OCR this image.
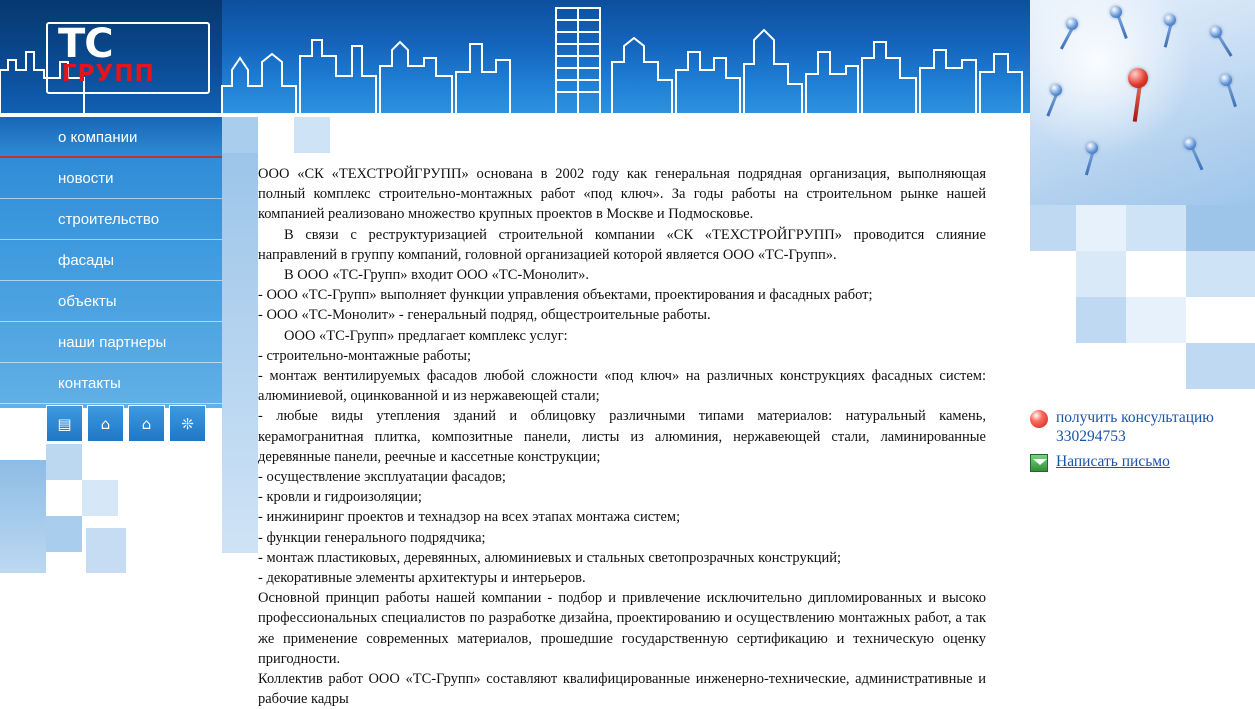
ТС
ГРУПП
о компании
новости
строительство
фасады
объекты
наши партнеры
контакты
▤	⌂	⌂	❊

ООО «СК «ТЕХСТРОЙГРУПП» основана в 2002 году как генеральная подрядная организация, выполняющая полный комплекс строительно-монтажных работ «под ключ». За годы работы на строительном рынке нашей компанией реализовано множество крупных проектов в Москве и Подмосковье.

В связи с реструктуризацией строительной компании «СК «ТЕХСТРОЙГРУПП» проводится слияние направлений в группу компаний, головной организацией которой является ООО «ТС-Групп».

В ООО «ТС-Групп» входит ООО «ТС-Монолит».

- ООО «ТС-Групп» выполняет функции управления объектами, проектирования и фасадных работ;

- ООО «ТС-Монолит» - генеральный подряд, общестроительные работы.

ООО «ТС-Групп» предлагает комплекс услуг:

- строительно-монтажные работы;

- монтаж вентилируемых фасадов любой сложности «под ключ» на различных конструкциях фасадных систем: алюминиевой, оцинкованной и из нержавеющей стали;

- любые виды утепления зданий и облицовку различными типами материалов: натуральный камень, керамогранитная плитка, композитные панели, листы из алюминия, нержавеющей стали, ламинированные деревянные панели, реечные и кассетные конструкции;

- осуществление эксплуатации фасадов;

- кровли и гидроизоляции;

- инжиниринг проектов и технадзор на всех этапах монтажа систем;

- функции генерального подрядчика;

- монтаж пластиковых, деревянных, алюминиевых и стальных светопрозрачных конструкций;

- декоративные элементы архитектуры и интерьеров.

Основной принцип работы нашей компании - подбор и привлечение исключительно дипломированных и высоко профессиональных специалистов по разработке дизайна, проектированию и осуществлению монтажных работ, а так же применение современных материалов, прошедшие государственную сертификацию и техническую оценку пригодности.

Коллектив работ ООО «ТС-Групп» составляют квалифицированные инженерно-технические, административные и рабочие кадры

получить консультацию
330294753
Написать письмо
